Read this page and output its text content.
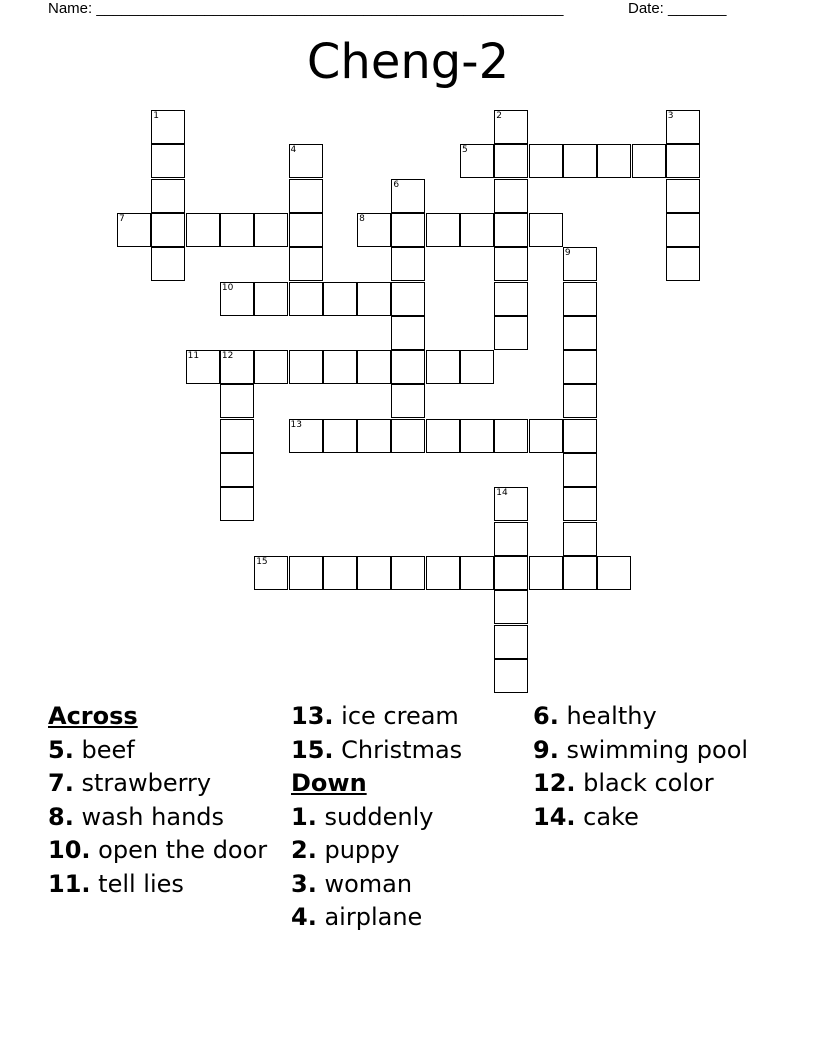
Name: ________________________________________________________	Date: _______
Cheng-2
1	2	3
4	5
6
7	8
9
10
11	12
13
14
15
Across
5. beef
7. strawberry
8. wash hands
10. open the door
11. tell lies
13. ice cream
15. Christmas
Down
1. suddenly
2. puppy
3. woman
4. airplane
6. healthy
9. swimming pool
12. black color
14. cake
